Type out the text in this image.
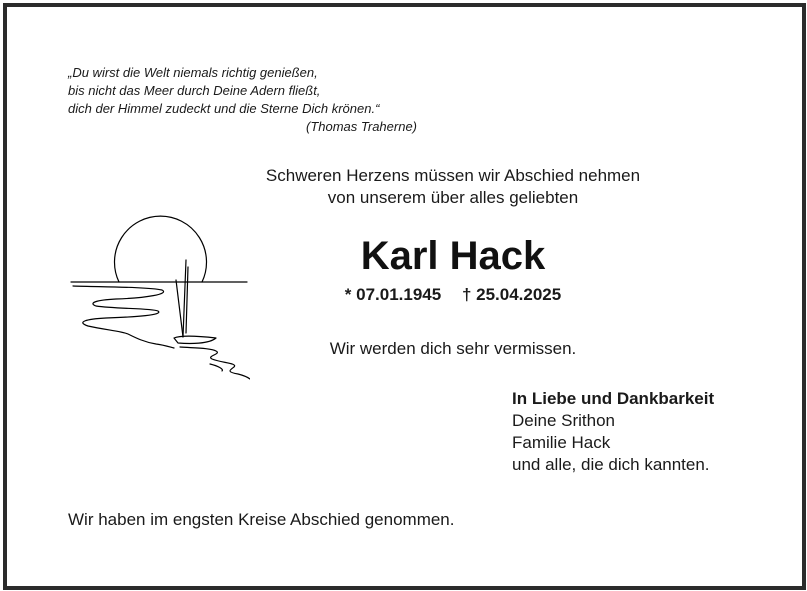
„Du wirst die Welt niemals richtig genießen,
bis nicht das Meer durch Deine Adern fließt,
dich der Himmel zudeckt und die Sterne Dich krönen.“
(Thomas Traherne)
Schweren Herzens müssen wir Abschied nehmen
von unserem über alles geliebten
Karl Hack
* 07.01.1945 † 25.04.2025
Wir werden dich sehr vermissen.
In Liebe und Dankbarkeit
Deine Srithon
Familie Hack
und alle, die dich kannten.
Wir haben im engsten Kreise Abschied genommen.
